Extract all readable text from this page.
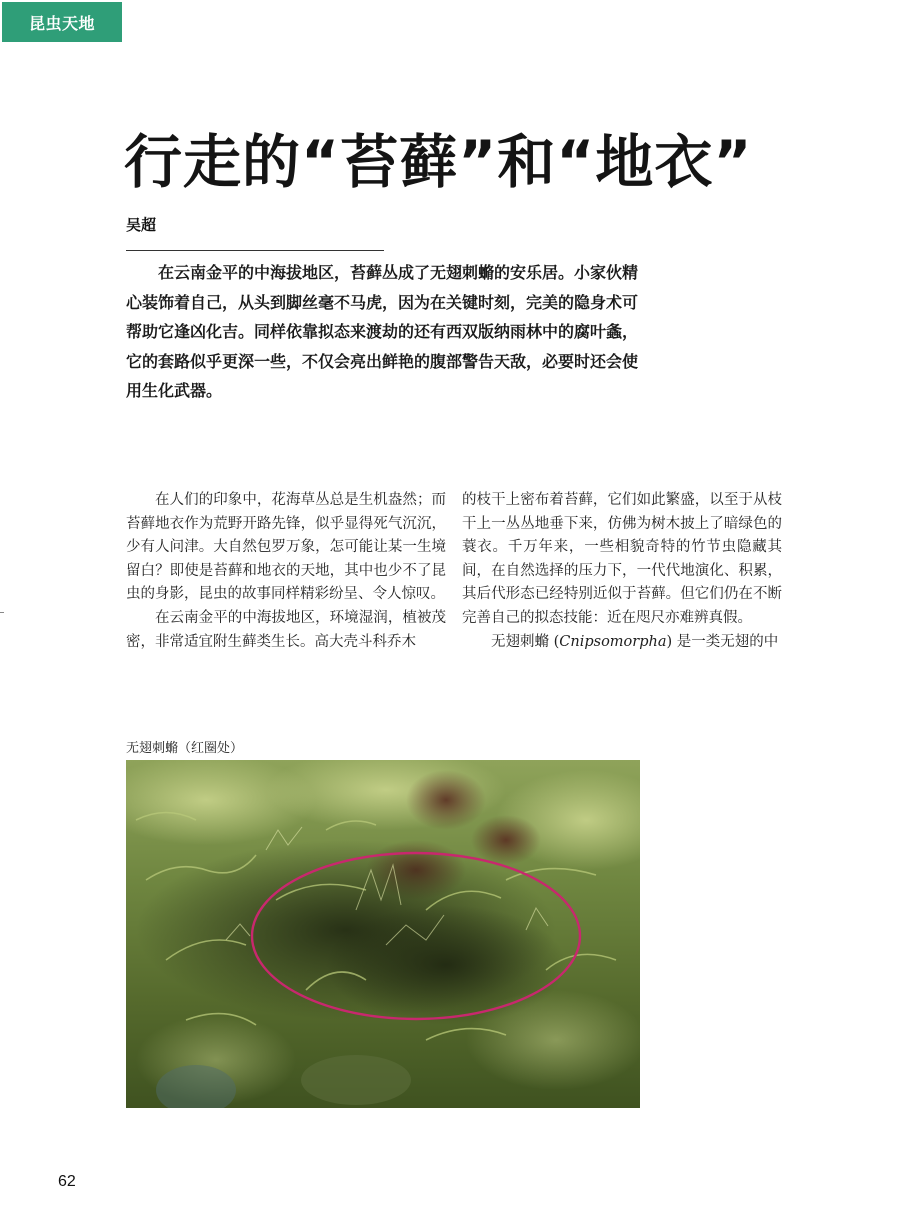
昆虫天地
行走的“苔藓”和“地衣”
吴超

在云南金平的中海拔地区，苔藓丛成了无翅刺䗛的安乐居。小家伙精心装饰着自己，从头到脚丝毫不马虎，因为在关键时刻，完美的隐身术可帮助它逢凶化吉。同样依靠拟态来渡劫的还有西双版纳雨林中的腐叶螽，它的套路似乎更深一些，不仅会亮出鲜艳的腹部警告天敌，必要时还会使用生化武器。

在人们的印象中，花海草丛总是生机盎然；而苔藓地衣作为荒野开路先锋，似乎显得死气沉沉，少有人问津。大自然包罗万象，怎可能让某一生境留白？即使是苔藓和地衣的天地，其中也少不了昆虫的身影，昆虫的故事同样精彩纷呈、令人惊叹。

在云南金平的中海拔地区，环境湿润，植被茂密，非常适宜附生藓类生长。高大壳斗科乔木

的枝干上密布着苔藓，它们如此繁盛，以至于从枝干上一丛丛地垂下来，仿佛为树木披上了暗绿色的蓑衣。千万年来，一些相貌奇特的竹节虫隐藏其间，在自然选择的压力下，一代代地演化、积累，其后代形态已经特别近似于苔藓。但它们仍在不断完善自己的拟态技能：近在咫尺亦难辨真假。

无翅刺䗛 (Cnipsomorpha) 是一类无翅的中

无翅刺䗛（红圈处）
62
